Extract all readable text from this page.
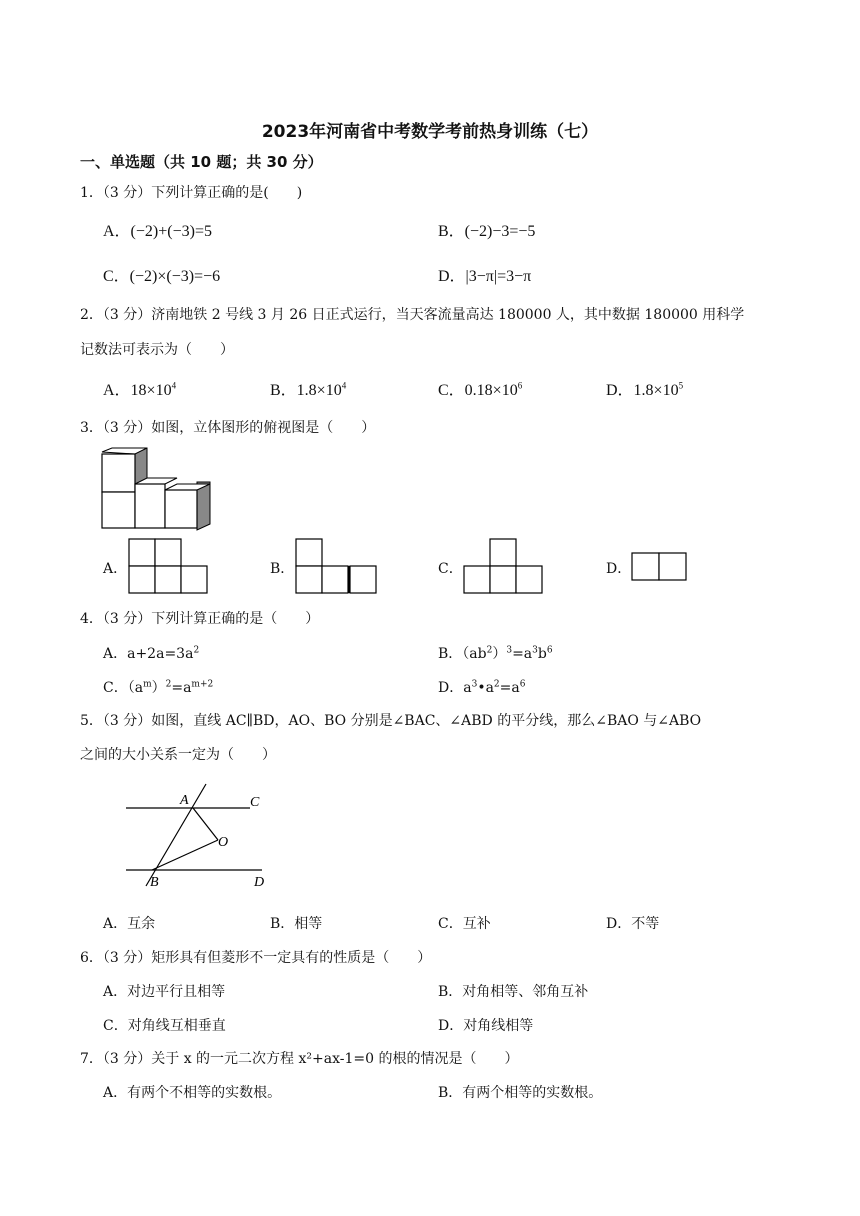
2023年河南省中考数学考前热身训练（七）
一、单选题（共 10 题；共 30 分）
1．（3 分）下列计算正确的是(　　)
A．(−2)+(−3)=5	B．(−2)−3=−5
C．(−2)×(−3)=−6	D．|3−π|=3−π
2．（3 分）济南地铁 2 号线 3 月 26 日正式运行，当天客流量高达 180000 人，其中数据 180000 用科学
记数法可表示为（　　）
A．$18\times 10^4$	B．$1.8\times 10^4$	C．$0.18\times 10^6$	D．$1.8\times 10^5$
3．（3 分）如图，立体图形的俯视图是（　　）
A．	B．	C．	D．
4．（3 分）下列计算正确的是（　　）
A．$a+2a=3a^2$	B．$(ab^2)^3=a^3b^6$
C．$(a^m)^2=a^{m+2}$	D．$a^3•a^2=a^6$
5．（3 分）如图，直线 AC∥BD，AO、BO 分别是∠BAC、∠ABD 的平分线，那么∠BAO 与∠ABO
之间的大小关系一定为（　　）
A	C
O
B	D
A．互余	B．相等	C．互补	D．不等
6．（3 分）矩形具有但菱形不一定具有的性质是（　　）
A．对边平行且相等	B．对角相等、邻角互补
C．对角线互相垂直	D．对角线相等
7．（3 分）关于 x 的一元二次方程 x²+ax-1=0 的根的情况是（　　）
A．有两个不相等的实数根。	B．有两个相等的实数根。
